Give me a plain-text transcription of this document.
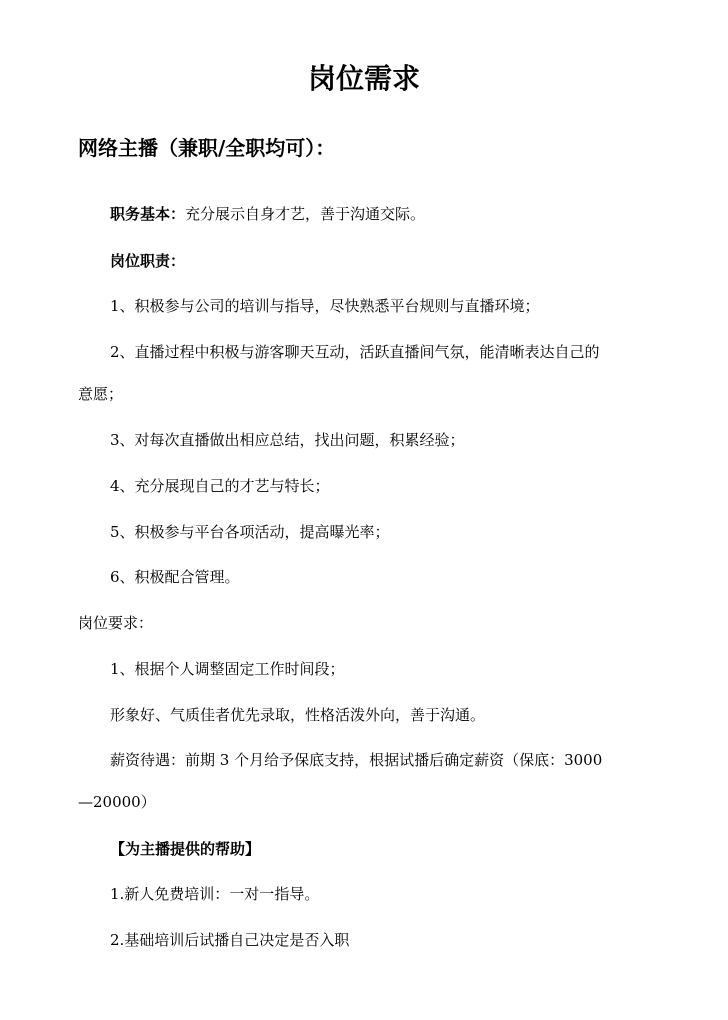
岗位需求
网络主播（兼职/全职均可）：
职务基本：充分展示自身才艺，善于沟通交际。
岗位职责：
1、积极参与公司的培训与指导，尽快熟悉平台规则与直播环境；
2、直播过程中积极与游客聊天互动，活跃直播间气氛，能清晰表达自己的
意愿；
3、对每次直播做出相应总结，找出问题，积累经验；
4、充分展现自己的才艺与特长；
5、积极参与平台各项活动，提高曝光率；
6、积极配合管理。
岗位要求：
1、根据个人调整固定工作时间段；
形象好、气质佳者优先录取，性格活泼外向，善于沟通。
薪资待遇：前期 3 个月给予保底支持，根据试播后确定薪资（保底：3000
—20000）
【为主播提供的帮助】
1.新人免费培训：一对一指导。
2.基础培训后试播自己决定是否入职
